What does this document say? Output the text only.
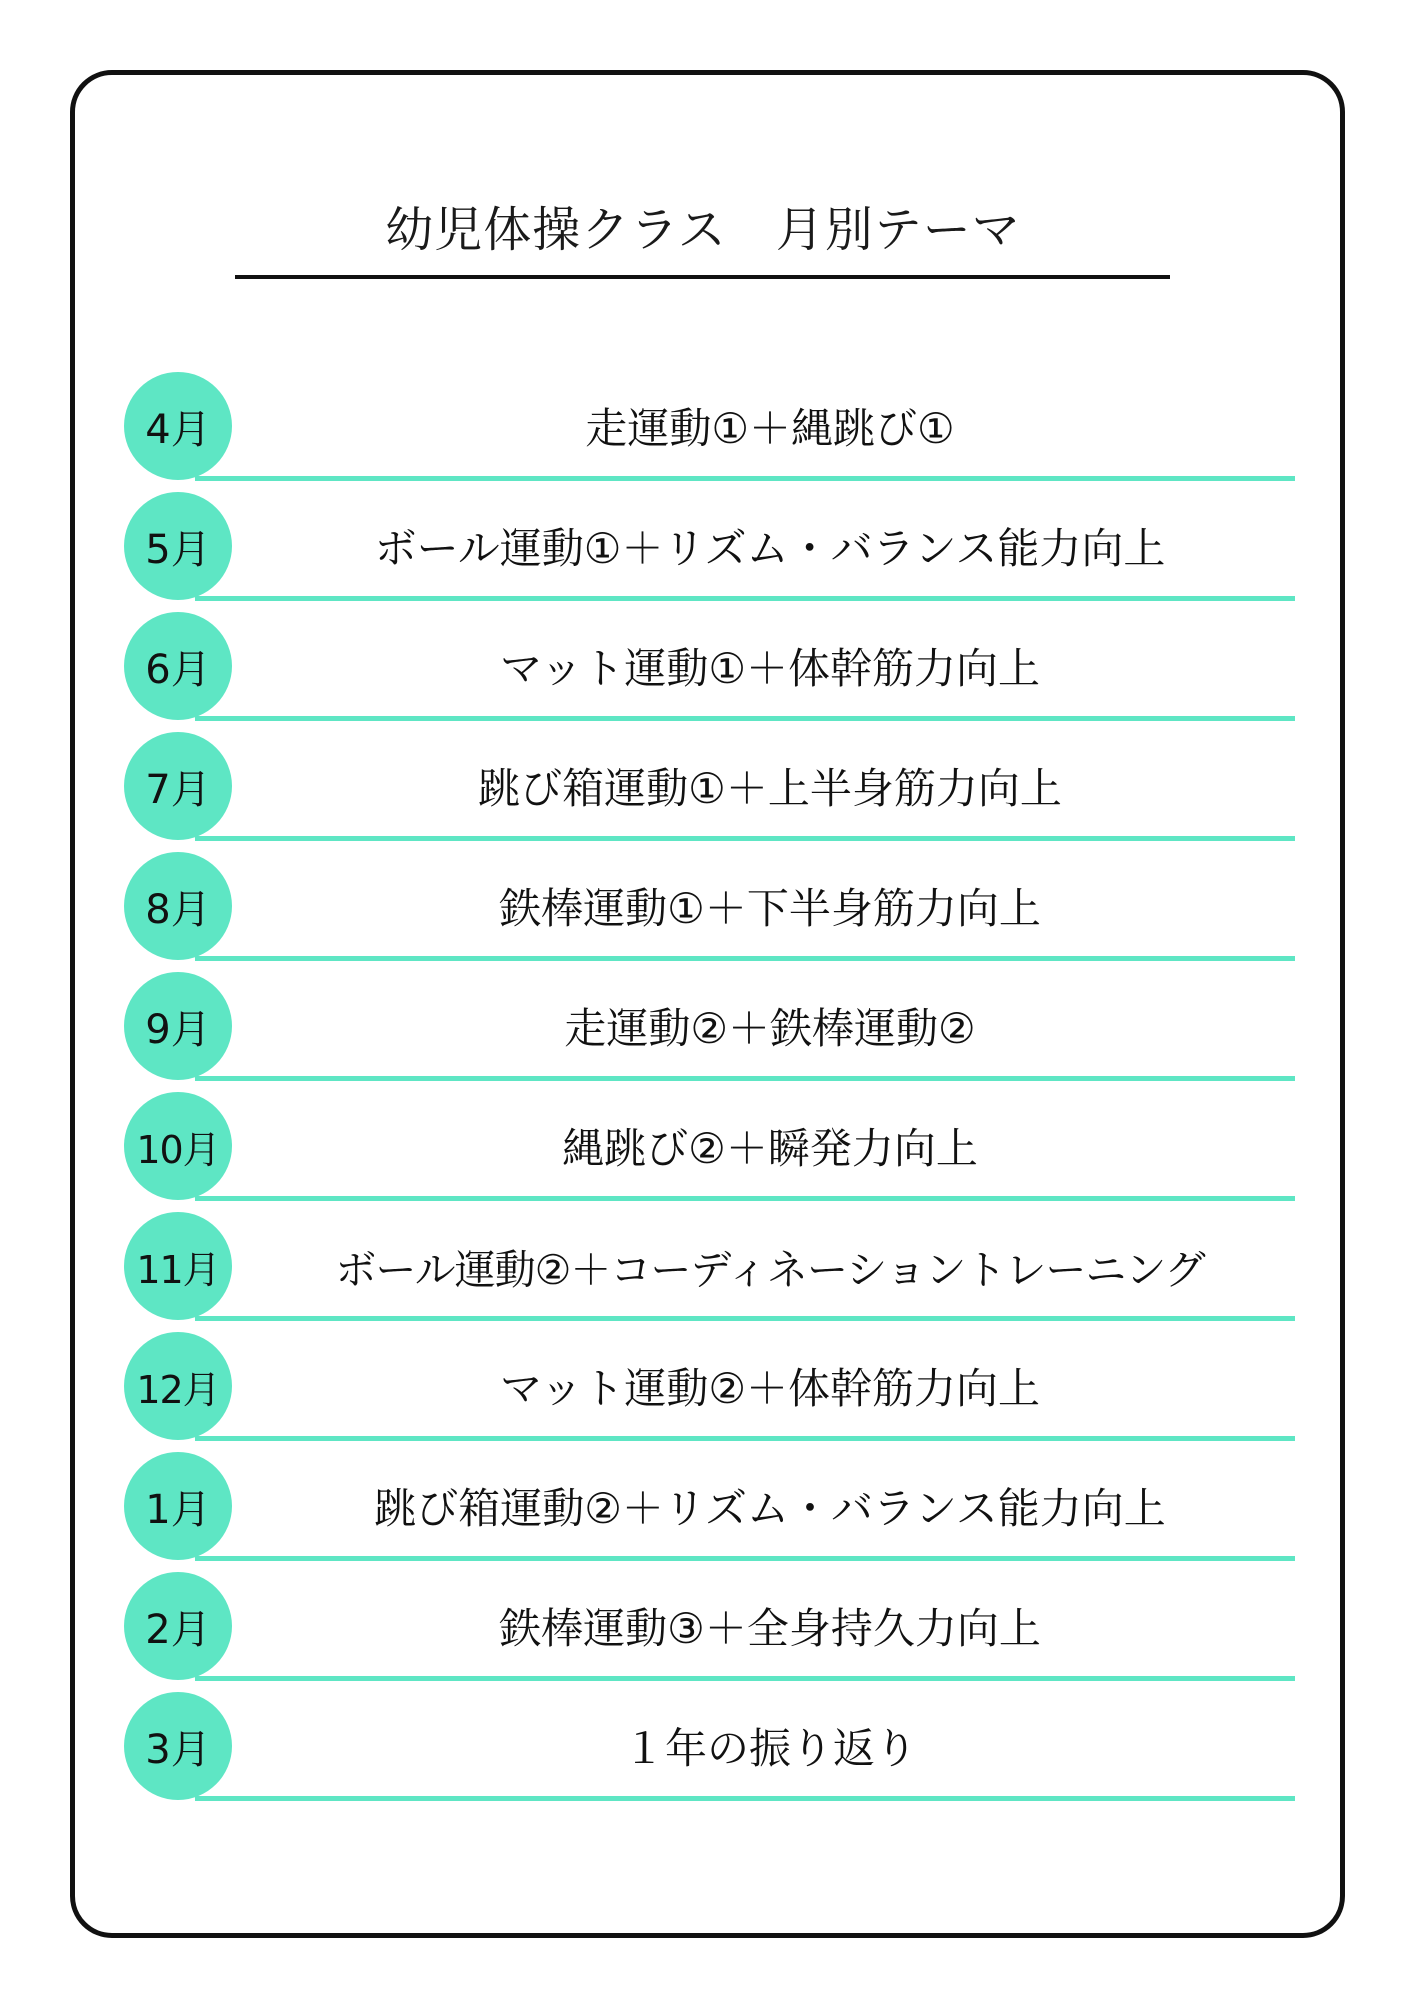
幼児体操クラス　月別テーマ
4月	走運動①＋縄跳び①
5月	ボール運動①＋リズム・バランス能力向上
6月	マット運動①＋体幹筋力向上
7月	跳び箱運動①＋上半身筋力向上
8月	鉄棒運動①＋下半身筋力向上
9月	走運動②＋鉄棒運動②
10月	縄跳び②＋瞬発力向上
11月	ボール運動②＋コーディネーショントレーニング
12月	マット運動②＋体幹筋力向上
1月	跳び箱運動②＋リズム・バランス能力向上
2月	鉄棒運動③＋全身持久力向上
3月	１年の振り返り
